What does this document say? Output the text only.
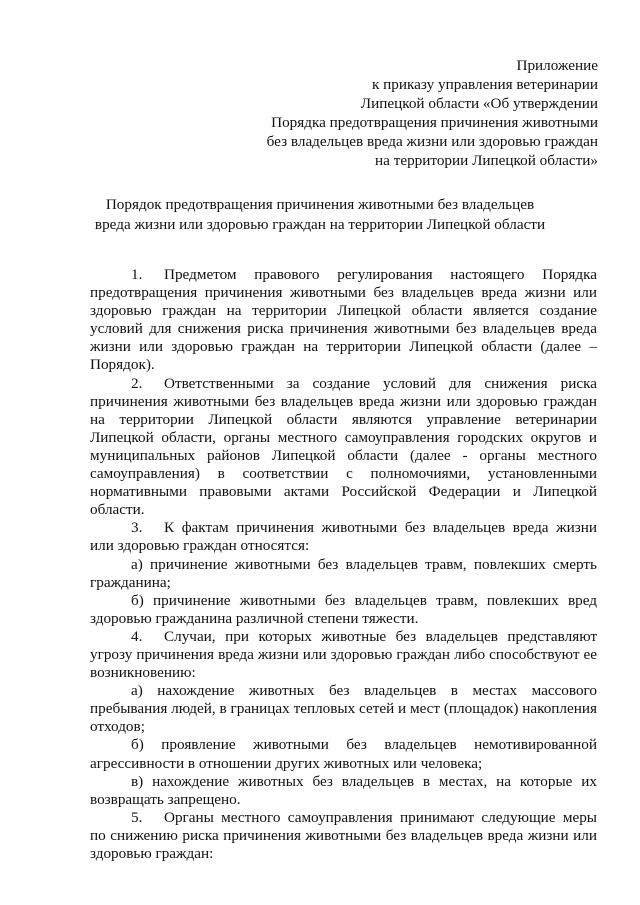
Приложение
к приказу управления ветеринарии
Липецкой области «Об утверждении
Порядка предотвращения причинения животными
без владельцев вреда жизни или здоровью граждан
на территории Липецкой области»
Порядок предотвращения причинения животными без владельцев
вреда жизни или здоровью граждан на территории Липецкой области

1. Предметом правового регулирования настоящего Порядка предотвращения причинения животными без владельцев вреда жизни или здоровью граждан на территории Липецкой области является создание условий для снижения риска причинения животными без владельцев вреда жизни или здоровью граждан на территории Липецкой области (далее – Порядок).

2. Ответственными за создание условий для снижения риска причинения животными без владельцев вреда жизни или здоровью граждан на территории Липецкой области являются управление ветеринарии Липецкой области, органы местного самоуправления городских округов и муниципальных районов Липецкой области (далее - органы местного самоуправления) в соответствии с полномочиями, установленными нормативными правовыми актами Российской Федерации и Липецкой области.

3. К фактам причинения животными без владельцев вреда жизни или здоровью граждан относятся:

а) причинение животными без владельцев травм, повлекших смерть гражданина;

б) причинение животными без владельцев травм, повлекших вред здоровью гражданина различной степени тяжести.

4. Случаи, при которых животные без владельцев представляют угрозу причинения вреда жизни или здоровью граждан либо способствуют ее возникновению:

а) нахождение животных без владельцев в местах массового пребывания людей, в границах тепловых сетей и мест (площадок) накопления отходов;

б) проявление животными без владельцев немотивированной агрессивности в отношении других животных или человека;

в) нахождение животных без владельцев в местах, на которые их возвращать запрещено.

5. Органы местного самоуправления принимают следующие меры по снижению риска причинения животными без владельцев вреда жизни или здоровью граждан:
